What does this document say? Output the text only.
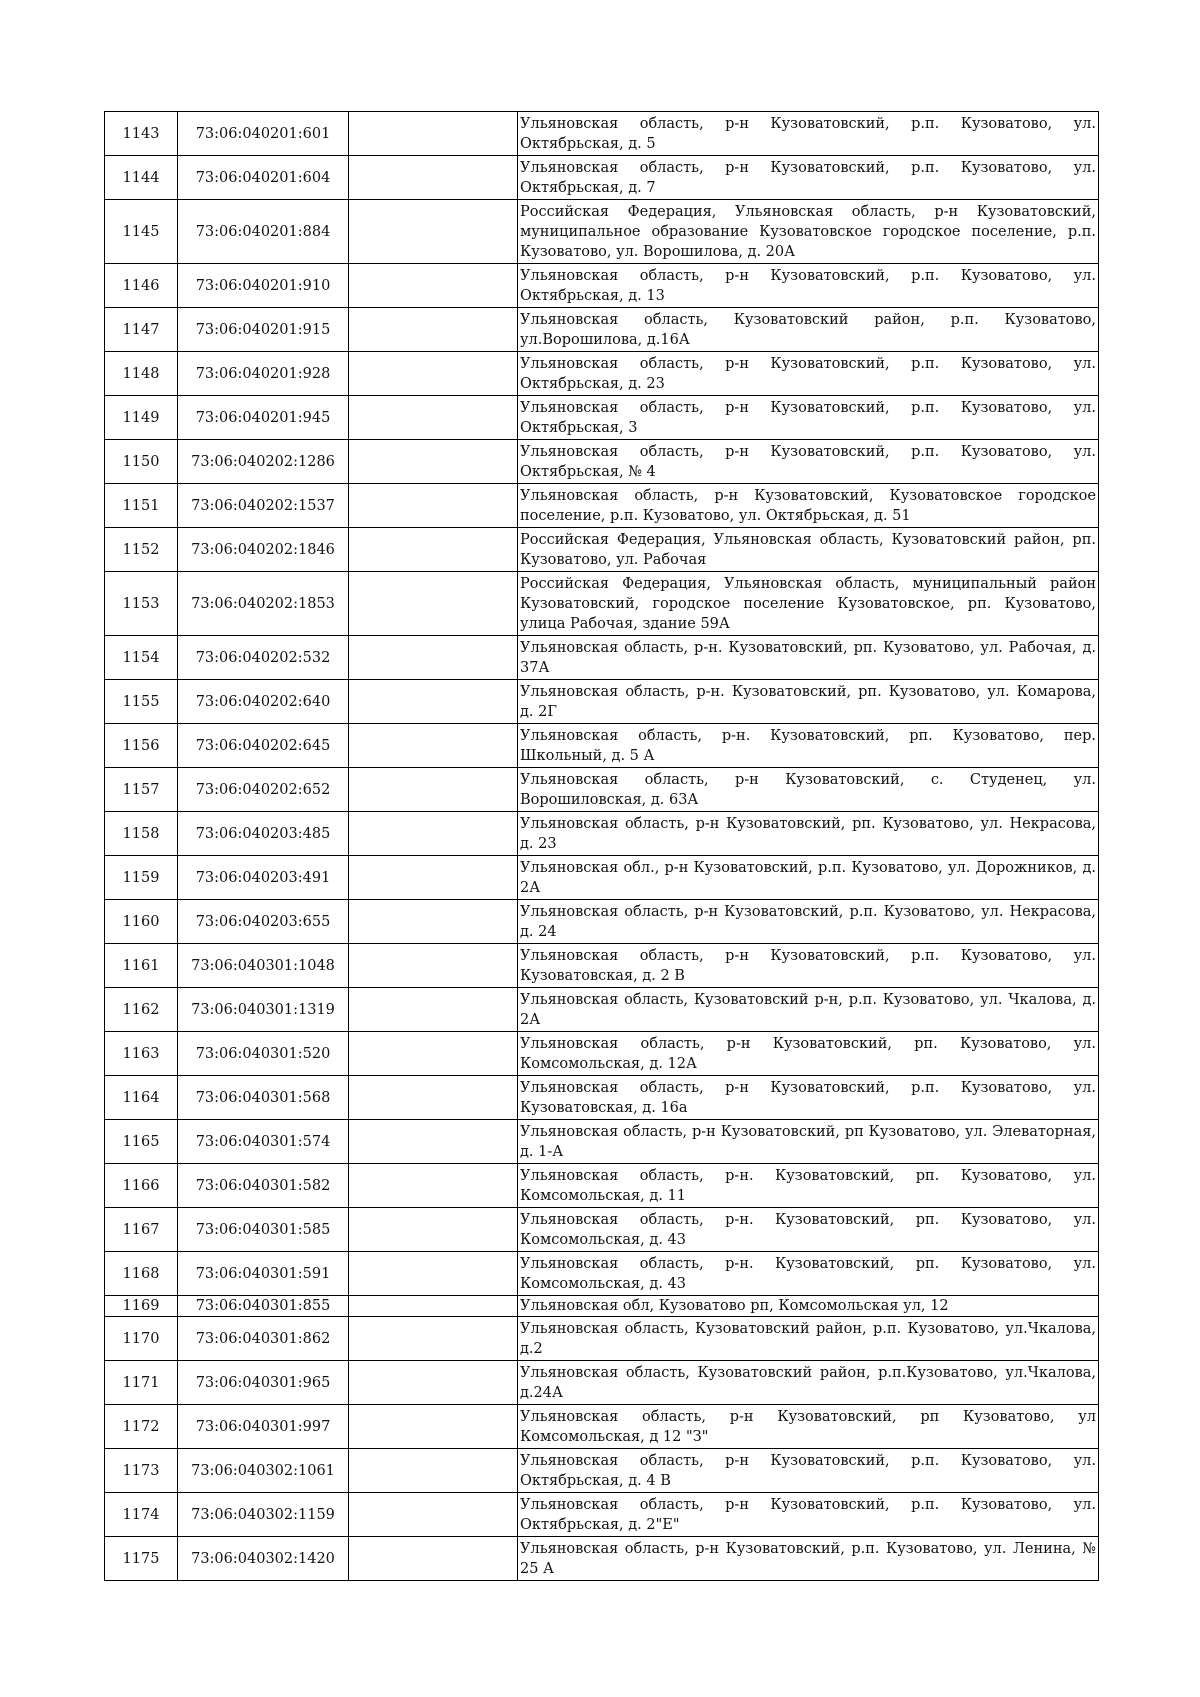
1143	73:06:040201:601		Ульяновская область, р-н Кузоватовский, р.п. Кузоватово, ул. Октябрьская, д. 5
1144	73:06:040201:604		Ульяновская область, р-н Кузоватовский, р.п. Кузоватово, ул. Октябрьская, д. 7
1145	73:06:040201:884		Российская Федерация, Ульяновская область, р-н Кузоватовский, муниципальное образование Кузоватовское городское поселение, р.п. Кузоватово, ул. Ворошилова, д. 20А
1146	73:06:040201:910		Ульяновская область, р-н Кузоватовский, р.п. Кузоватово, ул. Октябрьская, д. 13
1147	73:06:040201:915		Ульяновская область, Кузоватовский район, р.п. Кузоватово, ул.Ворошилова, д.16А
1148	73:06:040201:928		Ульяновская область, р-н Кузоватовский, р.п. Кузоватово, ул. Октябрьская, д. 23
1149	73:06:040201:945		Ульяновская область, р-н Кузоватовский, р.п. Кузоватово, ул. Октябрьская, 3
1150	73:06:040202:1286		Ульяновская область, р-н Кузоватовский, р.п. Кузоватово, ул. Октябрьская, № 4
1151	73:06:040202:1537		Ульяновская область, р-н Кузоватовский, Кузоватовское городское поселение, р.п. Кузоватово, ул. Октябрьская, д. 51
1152	73:06:040202:1846		Российская Федерация, Ульяновская область, Кузоватовский район, рп. Кузоватово, ул. Рабочая
1153	73:06:040202:1853		Российская Федерация, Ульяновская область, муниципальный район Кузоватовский, городское поселение Кузоватовское, рп. Кузоватово, улица Рабочая, здание 59А
1154	73:06:040202:532		Ульяновская область, р-н. Кузоватовский, рп. Кузоватово, ул. Рабочая, д. 37А
1155	73:06:040202:640		Ульяновская область, р-н. Кузоватовский, рп. Кузоватово, ул. Комарова, д. 2Г
1156	73:06:040202:645		Ульяновская область, р-н. Кузоватовский, рп. Кузоватово, пер. Школьный, д. 5 А
1157	73:06:040202:652		Ульяновская область, р-н Кузоватовский, с. Студенец, ул. Ворошиловская, д. 63А
1158	73:06:040203:485		Ульяновская область, р-н Кузоватовский, рп. Кузоватово, ул. Некрасова, д. 23
1159	73:06:040203:491		Ульяновская обл., р-н Кузоватовский, р.п. Кузоватово, ул. Дорожников, д. 2А
1160	73:06:040203:655		Ульяновская область, р-н Кузоватовский, р.п. Кузоватово, ул. Некрасова, д. 24
1161	73:06:040301:1048		Ульяновская область, р-н Кузоватовский, р.п. Кузоватово, ул. Кузоватовская, д. 2 В
1162	73:06:040301:1319		Ульяновская область, Кузоватовский р-н, р.п. Кузоватово, ул. Чкалова, д. 2А
1163	73:06:040301:520		Ульяновская область, р-н Кузоватовский, рп. Кузоватово, ул. Комсомольская, д. 12А
1164	73:06:040301:568		Ульяновская область, р-н Кузоватовский, р.п. Кузоватово, ул. Кузоватовская, д. 16а
1165	73:06:040301:574		Ульяновская область, р-н Кузоватовский, рп Кузоватово, ул. Элеваторная, д. 1-А
1166	73:06:040301:582		Ульяновская область, р-н. Кузоватовский, рп. Кузоватово, ул. Комсомольская, д. 11
1167	73:06:040301:585		Ульяновская область, р-н. Кузоватовский, рп. Кузоватово, ул. Комсомольская, д. 43
1168	73:06:040301:591		Ульяновская область, р-н. Кузоватовский, рп. Кузоватово, ул. Комсомольская, д. 43
1169	73:06:040301:855		Ульяновская обл, Кузоватово рп, Комсомольская ул, 12
1170	73:06:040301:862		Ульяновская область, Кузоватовский район, р.п. Кузоватово, ул.Чкалова, д.2
1171	73:06:040301:965		Ульяновская область, Кузоватовский район, р.п.Кузоватово, ул.Чкалова, д.24А
1172	73:06:040301:997		Ульяновская область, р-н Кузоватовский, рп Кузоватово, ул Комсомольская, д 12 "З"
1173	73:06:040302:1061		Ульяновская область, р-н Кузоватовский, р.п. Кузоватово, ул. Октябрьская, д. 4 В
1174	73:06:040302:1159		Ульяновская область, р-н Кузоватовский, р.п. Кузоватово, ул. Октябрьская, д. 2"Е"
1175	73:06:040302:1420		Ульяновская область, р-н Кузоватовский, р.п. Кузоватово, ул. Ленина, № 25 А
